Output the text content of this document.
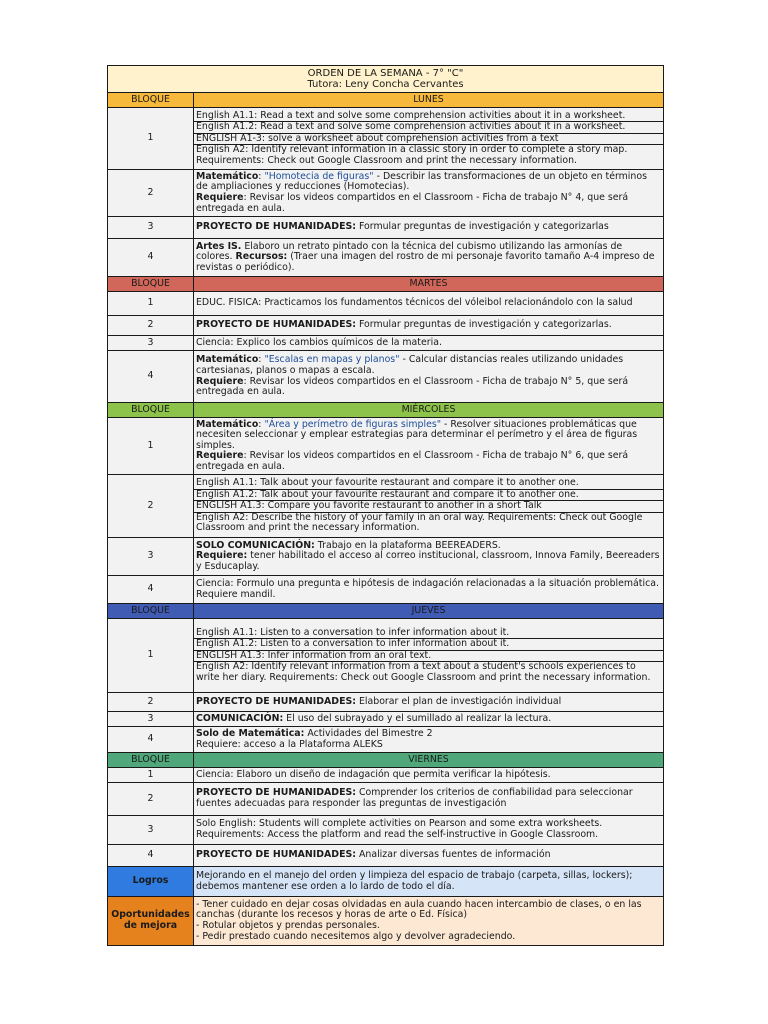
ORDEN DE LA SEMANA - 7° "C"
Tutora: Leny Concha Cervantes	

BLOQUE	LUNES
1	English A1.1: Read a text and solve some comprehension activities about it in a worksheet.
English A1.2: Read a text and solve some comprehension activities about it in a worksheet.
ENGLISH A1-3: solve a worksheet about comprehension activities from a text
English A2: Identify relevant information in a classic story in order to complete a story map. Requirements: Check out Google Classroom and print the necessary information.

2	Matemático: "Homotecia de figuras" - Describir las transformaciones de un objeto en términos de ampliaciones y reducciones (Homotecias).
Requiere: Revisar los videos compartidos en el Classroom - Ficha de trabajo N° 4, que será entregada en aula.
3	PROYECTO DE HUMANIDADES: Formular preguntas de investigación y categorizarlas
4	Artes IS. Elaboro un retrato pintado con la técnica del cubismo utilizando las armonías de colores. Recursos: (Traer una imagen del rostro de mi personaje favorito tamaño A-4 impreso de revistas o periódico).
BLOQUE	MARTES
1	EDUC. FISICA: Practicamos los fundamentos técnicos del vóleibol relacionándolo con la salud
2	PROYECTO DE HUMANIDADES: Formular preguntas de investigación y categorizarlas.
3	Ciencia: Explico los cambios químicos de la materia.
4	Matemático: "Escalas en mapas y planos" - Calcular distancias reales utilizando unidades cartesianas, planos o mapas a escala.
Requiere: Revisar los videos compartidos en el Classroom - Ficha de trabajo N° 5, que será entregada en aula.
BLOQUE	MIÉRCOLES
1	Matemático: "Área y perímetro de figuras simples" - Resolver situaciones problemáticas que necesiten seleccionar y emplear estrategias para determinar el perímetro y el área de figuras simples.
Requiere: Revisar los videos compartidos en el Classroom - Ficha de trabajo N° 6, que será entregada en aula.
2	English A1.1: Talk about your favourite restaurant and compare it to another one.
English A1.2: Talk about your favourite restaurant and compare it to another one.
ENGLISH A1.3: Compare you favorite restaurant to another in a short Talk
English A2: Describe the history of your family in an oral way. Requirements: Check out Google Classroom and print the necessary information.

3	SOLO COMUNICACIÓN: Trabajo en la plataforma BEEREADERS.
Requiere: tener habilitado el acceso al correo institucional, classroom, Innova Family, Beereaders y Esducaplay.
4	Ciencia: Formulo una pregunta e hipótesis de indagación relacionadas a la situación problemática. Requiere mandil.
BLOQUE	JUEVES
1	English A1.1: Listen to a conversation to infer information about it.
English A1.2: Listen to a conversation to infer information about it.
ENGLISH A1.3: Infer information from an oral text.
English A2: Identify relevant information from a text about a student's schools experiences to write her diary. Requirements: Check out Google Classroom and print the necessary information.

2	PROYECTO DE HUMANIDADES: Elaborar el plan de investigación individual
3	COMUNICACIÓN: El uso del subrayado y el sumillado al realizar la lectura.
4	Solo de Matemática: Actividades del Bimestre 2
Requiere: acceso a la Plataforma ALEKS
BLOQUE	VIERNES
1	Ciencia: Elaboro un diseño de indagación que permita verificar la hipótesis.
2	PROYECTO DE HUMANIDADES: Comprender los criterios de confiabilidad para seleccionar fuentes adecuadas para responder las preguntas de investigación
3	Solo English: Students will complete activities on Pearson and some extra worksheets.
Requirements: Access the platform and read the self-instructive in Google Classroom.
4	PROYECTO DE HUMANIDADES: Analizar diversas fuentes de información
Logros	Mejorando en el manejo del orden y limpieza del espacio de trabajo (carpeta, sillas, lockers); debemos mantener ese orden a lo lardo de todo el día.
Oportunidades de mejora	- Tener cuidado en dejar cosas olvidadas en aula cuando hacen intercambio de clases, o en las canchas (durante los recesos y horas de arte o Ed. Física)
- Rotular objetos y prendas personales.
- Pedir prestado cuando necesitemos algo y devolver agradeciendo.
